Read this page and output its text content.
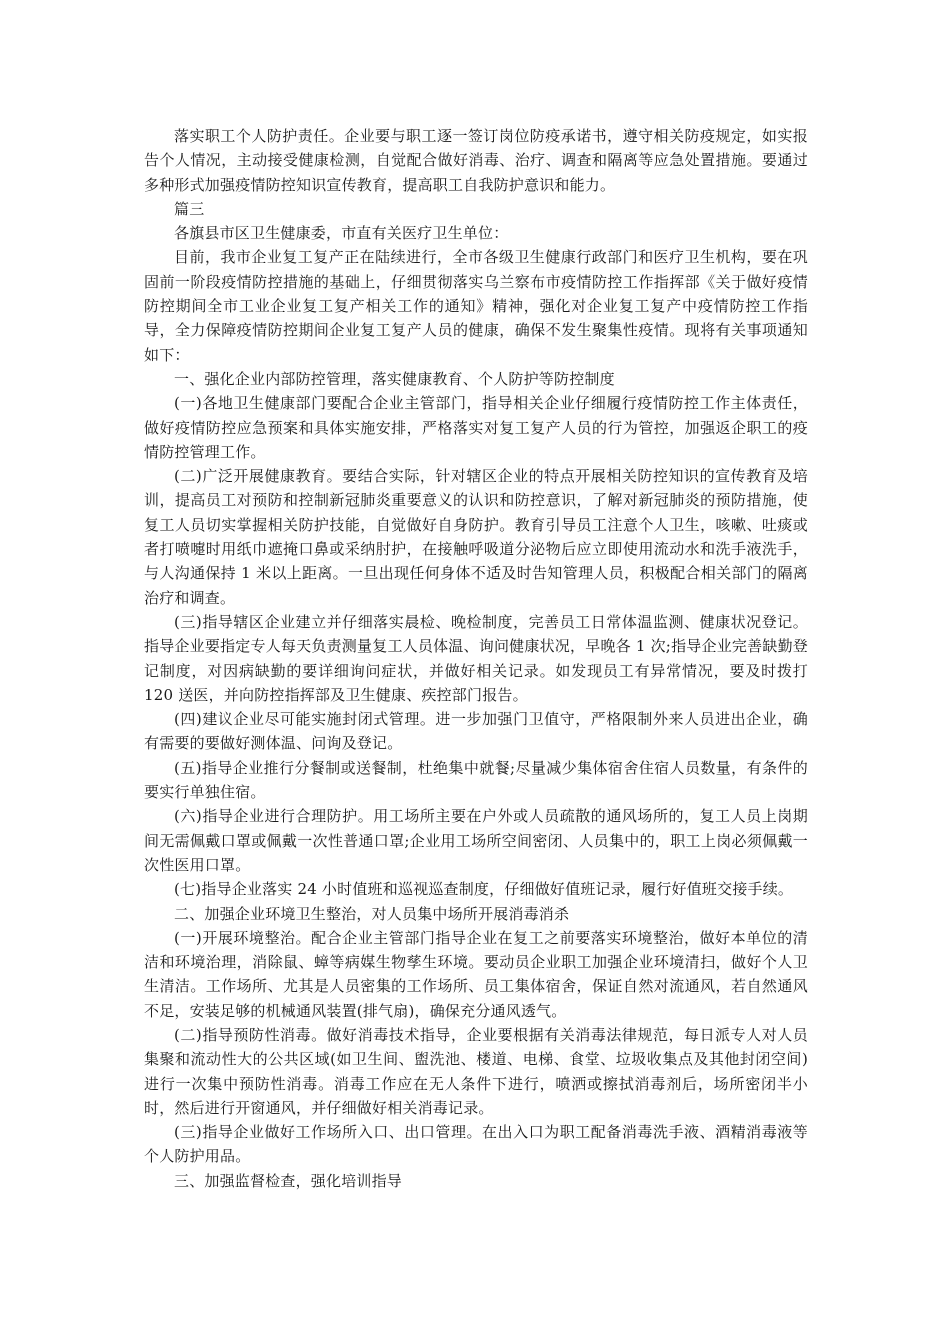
落实职工个人防护责任。企业要与职工逐一签订岗位防疫承诺书，遵守相关防疫规定，如实报告个人情况，主动接受健康检测，自觉配合做好消毒、治疗、调查和隔离等应急处置措施。要通过多种形式加强疫情防控知识宣传教育，提高职工自我防护意识和能力。

篇三

各旗县市区卫生健康委，市直有关医疗卫生单位：

目前，我市企业复工复产正在陆续进行，全市各级卫生健康行政部门和医疗卫生机构，要在巩固前一阶段疫情防控措施的基础上，仔细贯彻落实乌兰察布市疫情防控工作指挥部《关于做好疫情防控期间全市工业企业复工复产相关工作的通知》精神，强化对企业复工复产中疫情防控工作指导，全力保障疫情防控期间企业复工复产人员的健康，确保不发生聚集性疫情。现将有关事项通知如下：

一、强化企业内部防控管理，落实健康教育、个人防护等防控制度

(一)各地卫生健康部门要配合企业主管部门，指导相关企业仔细履行疫情防控工作主体责任，做好疫情防控应急预案和具体实施安排，严格落实对复工复产人员的行为管控，加强返企职工的疫情防控管理工作。

(二)广泛开展健康教育。要结合实际，针对辖区企业的特点开展相关防控知识的宣传教育及培训，提高员工对预防和控制新冠肺炎重要意义的认识和防控意识，了解对新冠肺炎的预防措施，使复工人员切实掌握相关防护技能，自觉做好自身防护。教育引导员工注意个人卫生，咳嗽、吐痰或者打喷嚏时用纸巾遮掩口鼻或采纳肘护，在接触呼吸道分泌物后应立即使用流动水和洗手液洗手，与人沟通保持 1 米以上距离。一旦出现任何身体不适及时告知管理人员，积极配合相关部门的隔离治疗和调查。

(三)指导辖区企业建立并仔细落实晨检、晚检制度，完善员工日常体温监测、健康状况登记。指导企业要指定专人每天负责测量复工人员体温、询问健康状况，早晚各 1 次;指导企业完善缺勤登记制度，对因病缺勤的要详细询问症状，并做好相关记录。如发现员工有异常情况，要及时拨打 120 送医，并向防控指挥部及卫生健康、疾控部门报告。

(四)建议企业尽可能实施封闭式管理。进一步加强门卫值守，严格限制外来人员进出企业，确有需要的要做好测体温、问询及登记。

(五)指导企业推行分餐制或送餐制，杜绝集中就餐;尽量减少集体宿舍住宿人员数量，有条件的要实行单独住宿。

(六)指导企业进行合理防护。用工场所主要在户外或人员疏散的通风场所的，复工人员上岗期间无需佩戴口罩或佩戴一次性普通口罩;企业用工场所空间密闭、人员集中的，职工上岗必须佩戴一次性医用口罩。

(七)指导企业落实 24 小时值班和巡视巡查制度，仔细做好值班记录，履行好值班交接手续。

二、加强企业环境卫生整治，对人员集中场所开展消毒消杀

(一)开展环境整治。配合企业主管部门指导企业在复工之前要落实环境整治，做好本单位的清洁和环境治理，消除鼠、蟑等病媒生物孳生环境。要动员企业职工加强企业环境清扫，做好个人卫生清洁。工作场所、尤其是人员密集的工作场所、员工集体宿舍，保证自然对流通风，若自然通风不足，安装足够的机械通风装置(排气扇)，确保充分通风透气。

(二)指导预防性消毒。做好消毒技术指导，企业要根据有关消毒法律规范，每日派专人对人员集聚和流动性大的公共区域(如卫生间、盥洗池、楼道、电梯、食堂、垃圾收集点及其他封闭空间)进行一次集中预防性消毒。消毒工作应在无人条件下进行，喷洒或擦拭消毒剂后，场所密闭半小时，然后进行开窗通风，并仔细做好相关消毒记录。

(三)指导企业做好工作场所入口、出口管理。在出入口为职工配备消毒洗手液、酒精消毒液等个人防护用品。

三、加强监督检查，强化培训指导
